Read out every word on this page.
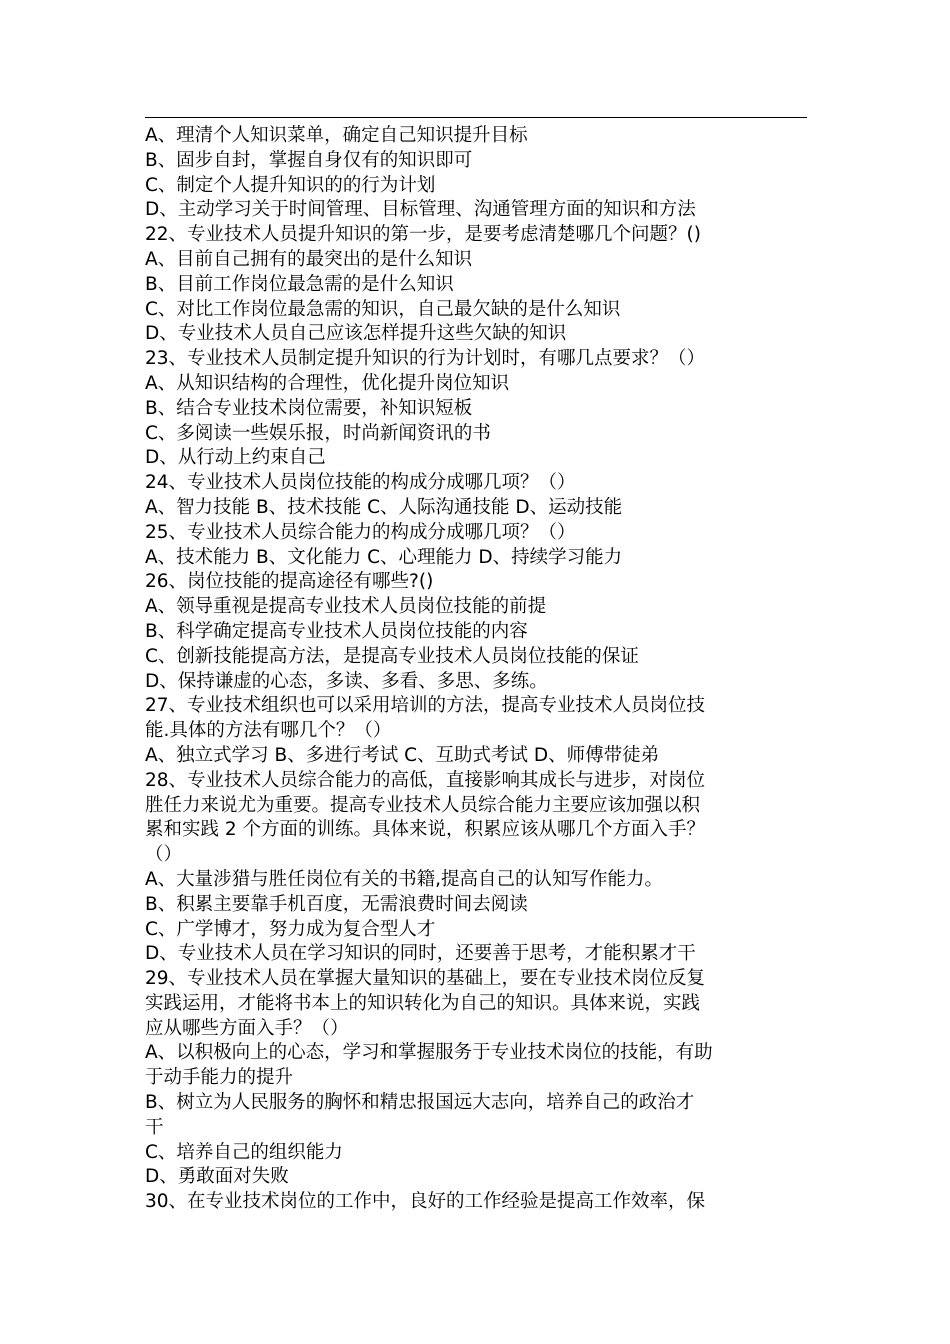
A、理清个人知识菜单，确定自己知识提升目标
B、固步自封，掌握自身仅有的知识即可
C、制定个人提升知识的的行为计划
D、主动学习关于时间管理、目标管理、沟通管理方面的知识和方法
22、专业技术人员提升知识的第一步，是要考虑清楚哪几个问题？()
A、目前自己拥有的最突出的是什么知识
B、目前工作岗位最急需的是什么知识
C、对比工作岗位最急需的知识，自己最欠缺的是什么知识
D、专业技术人员自己应该怎样提升这些欠缺的知识
23、专业技术人员制定提升知识的行为计划时，有哪几点要求？（）
A、从知识结构的合理性，优化提升岗位知识
B、结合专业技术岗位需要，补知识短板
C、多阅读一些娱乐报，时尚新闻资讯的书
D、从行动上约束自己
24、专业技术人员岗位技能的构成分成哪几项？（）
A、智力技能 B、技术技能 C、人际沟通技能 D、运动技能
25、专业技术人员综合能力的构成分成哪几项？（）
A、技术能力 B、文化能力 C、心理能力 D、持续学习能力
26、岗位技能的提高途径有哪些?()
A、领导重视是提高专业技术人员岗位技能的前提
B、科学确定提高专业技术人员岗位技能的内容
C、创新技能提高方法，是提高专业技术人员岗位技能的保证
D、保持谦虚的心态，多读、多看、多思、多练。
27、专业技术组织也可以采用培训的方法，提高专业技术人员岗位技
能.具体的方法有哪几个？（）
A、独立式学习 B、多进行考试 C、互助式考试 D、师傅带徒弟
28、专业技术人员综合能力的高低，直接影响其成长与进步，对岗位
胜任力来说尤为重要。提高专业技术人员综合能力主要应该加强以积
累和实践 2 个方面的训练。具体来说，积累应该从哪几个方面入手？
（）
A、大量涉猎与胜任岗位有关的书籍,提高自己的认知写作能力。
B、积累主要靠手机百度，无需浪费时间去阅读
C、广学博才，努力成为复合型人才
D、专业技术人员在学习知识的同时，还要善于思考，才能积累才干
29、专业技术人员在掌握大量知识的基础上，要在专业技术岗位反复
实践运用，才能将书本上的知识转化为自己的知识。具体来说，实践
应从哪些方面入手？（）
A、以积极向上的心态，学习和掌握服务于专业技术岗位的技能，有助
于动手能力的提升
B、树立为人民服务的胸怀和精忠报国远大志向，培养自己的政治才
干
C、培养自己的组织能力
D、勇敢面对失败
30、在专业技术岗位的工作中，良好的工作经验是提高工作效率，保
